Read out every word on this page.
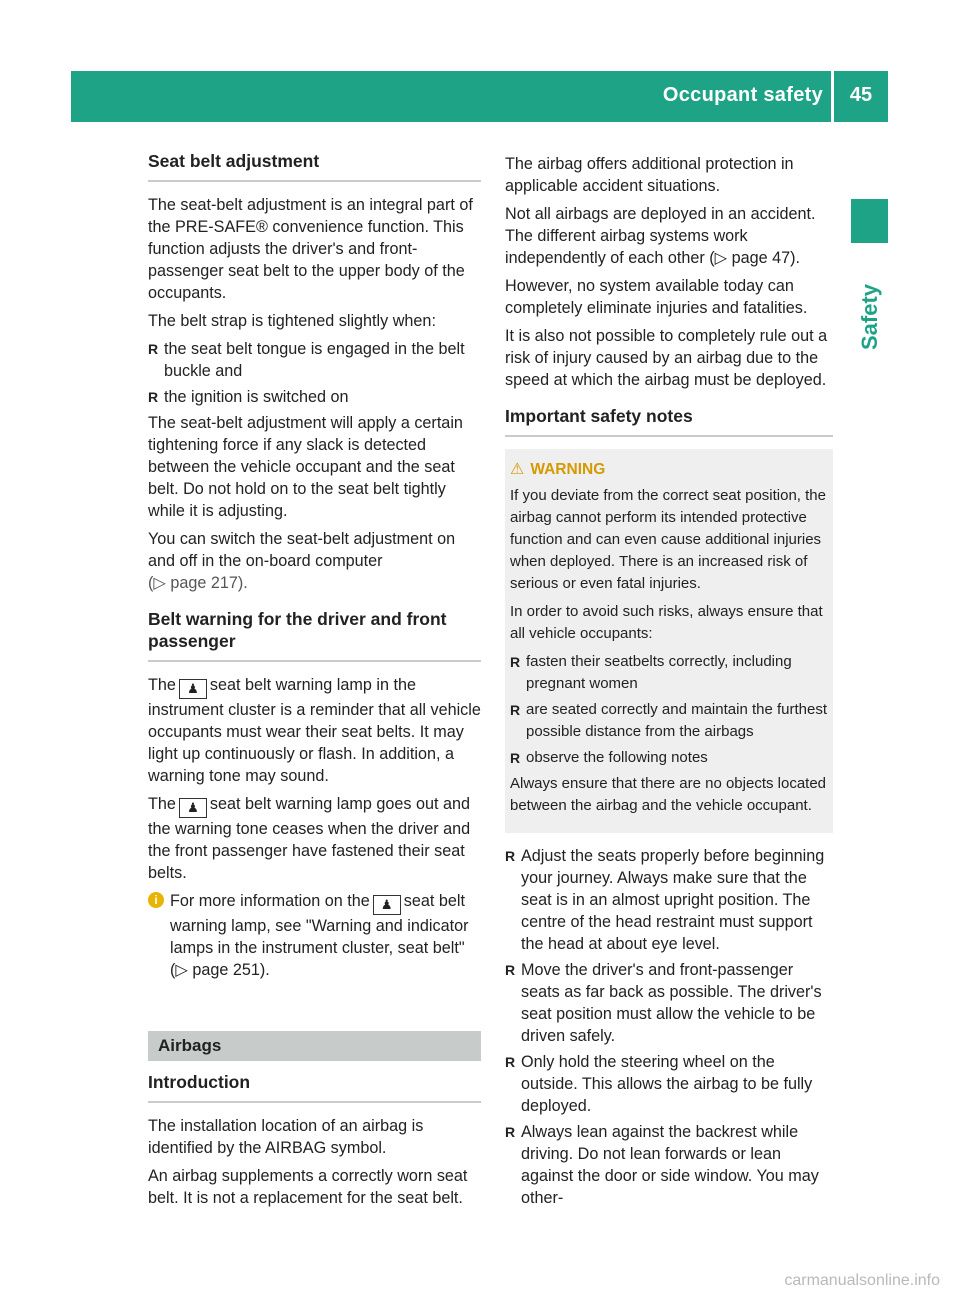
Occupant safety	45
Safety
Seat belt adjustment

The seat-belt adjustment is an integral part of the PRE-SAFE® convenience function. This function adjusts the driver's and front-passenger seat belt to the upper body of the occupants.

The belt strap is tightened slightly when:

R the seat belt tongue is engaged in the belt buckle and
R the ignition is switched on

The seat-belt adjustment will apply a certain tightening force if any slack is detected between the vehicle occupant and the seat belt. Do not hold on to the seat belt tightly while it is adjusting.

You can switch the seat-belt adjustment on and off in the on-board computer
(▷ page 217).

Belt warning for the driver and front passenger

The ♟ seat belt warning lamp in the instrument cluster is a reminder that all vehicle occupants must wear their seat belts. It may light up continuously or flash. In addition, a warning tone may sound.

The ♟ seat belt warning lamp goes out and the warning tone ceases when the driver and the front passenger have fastened their seat belts.

i For more information on the ♟ seat belt warning lamp, see "Warning and indicator lamps in the instrument cluster, seat belt" (▷ page 251).

Airbags
Introduction

The installation location of an airbag is identified by the AIRBAG symbol.

An airbag supplements a correctly worn seat belt. It is not a replacement for the seat belt.

The airbag offers additional protection in applicable accident situations.

Not all airbags are deployed in an accident. The different airbag systems work independently of each other (▷ page 47).

However, no system available today can completely eliminate injuries and fatalities.

It is also not possible to completely rule out a risk of injury caused by an airbag due to the speed at which the airbag must be deployed.

Important safety notes
⚠ WARNING

If you deviate from the correct seat position, the airbag cannot perform its intended protective function and can even cause additional injuries when deployed. There is an increased risk of serious or even fatal injuries.

In order to avoid such risks, always ensure that all vehicle occupants:

R fasten their seatbelts correctly, including pregnant women
R are seated correctly and maintain the furthest possible distance from the airbags
R observe the following notes

Always ensure that there are no objects located between the airbag and the vehicle occupant.

R Adjust the seats properly before beginning your journey. Always make sure that the seat is in an almost upright position. The centre of the head restraint must support the head at about eye level.
R Move the driver's and front-passenger seats as far back as possible. The driver's seat position must allow the vehicle to be driven safely.
R Only hold the steering wheel on the outside. This allows the airbag to be fully deployed.
R Always lean against the backrest while driving. Do not lean forwards or lean against the door or side window. You may other-
carmanualsonline.info
